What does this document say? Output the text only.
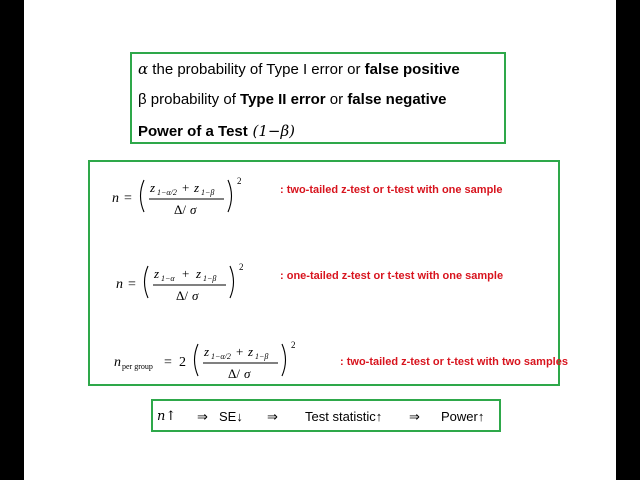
α the probability of Type I error or false positive
β probability of Type II error or false negative
Power of a Test (1−β)
n =
z 1−α/2 + z 1−β
Δ/ σ
2
: two-tailed z-test or t-test with one sample
n =
z 1−α + z 1−β
Δ/ σ
2
: one-tailed z-test or t-test with one sample
n per group = 2
z 1−α/2 + z 1−β
Δ/ σ
2
: two-tailed z-test or t-test with two samples
n↑ ⇒ SE↓ ⇒ Test statistic↑ ⇒ Power↑
